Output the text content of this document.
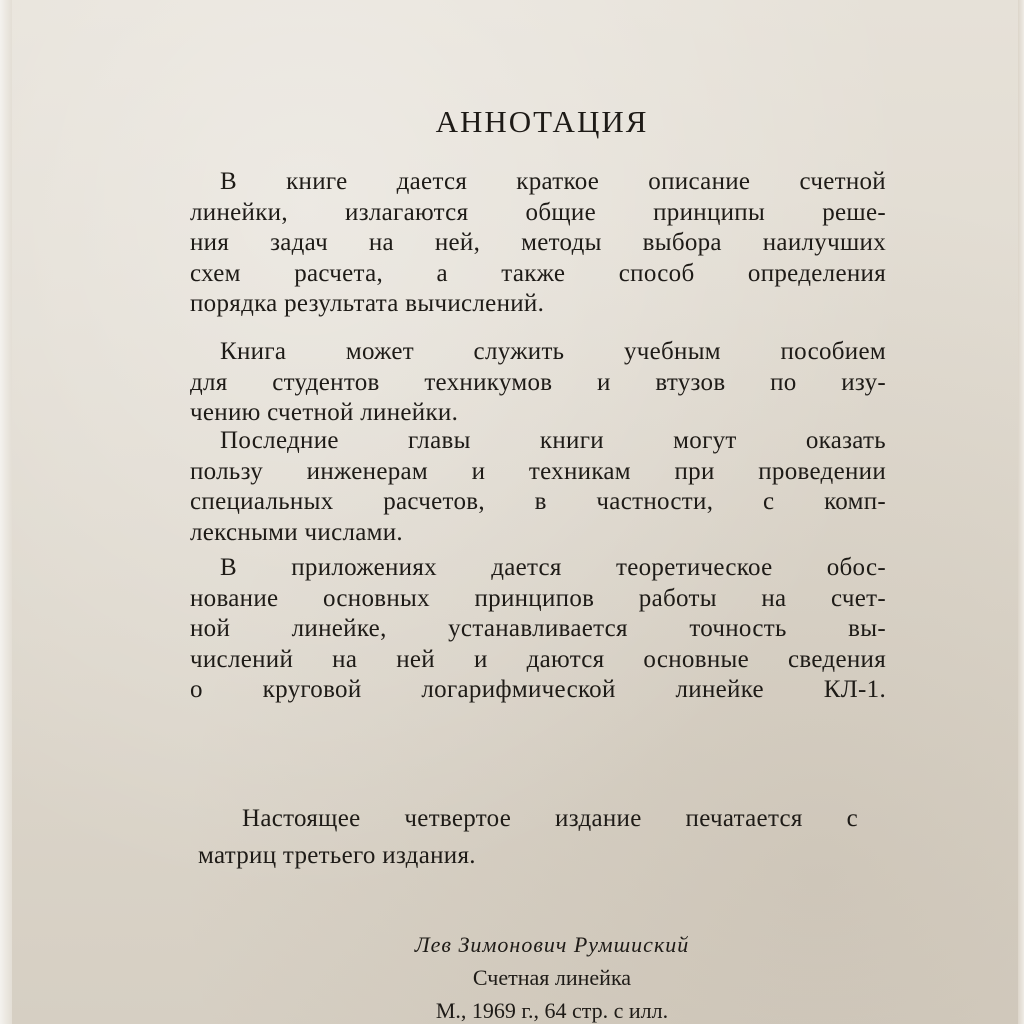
АННОТАЦИЯ
В книге дается краткое описание счетной
линейки, излагаются общие принципы реше-
ния задач на ней, методы выбора наилучших
схем расчета, а также способ определения
порядка результата вычислений.
Книга может служить учебным пособием
для студентов техникумов и втузов по изу-
чению счетной линейки.
Последние главы книги могут оказать
пользу инженерам и техникам при проведении
специальных расчетов, в частности, с комп-
лексными числами.
В приложениях дается теоретическое обос-
нование основных принципов работы на счет-
ной линейке, устанавливается точность вы-
числений на ней и даются основные сведения
о круговой логарифмической линейке КЛ-1.
Настоящее четвертое издание печатается с
матриц третьего издания.
Лев Зимонович Румшиский
Счетная линейка
М., 1969 г., 64 стр. с илл.
